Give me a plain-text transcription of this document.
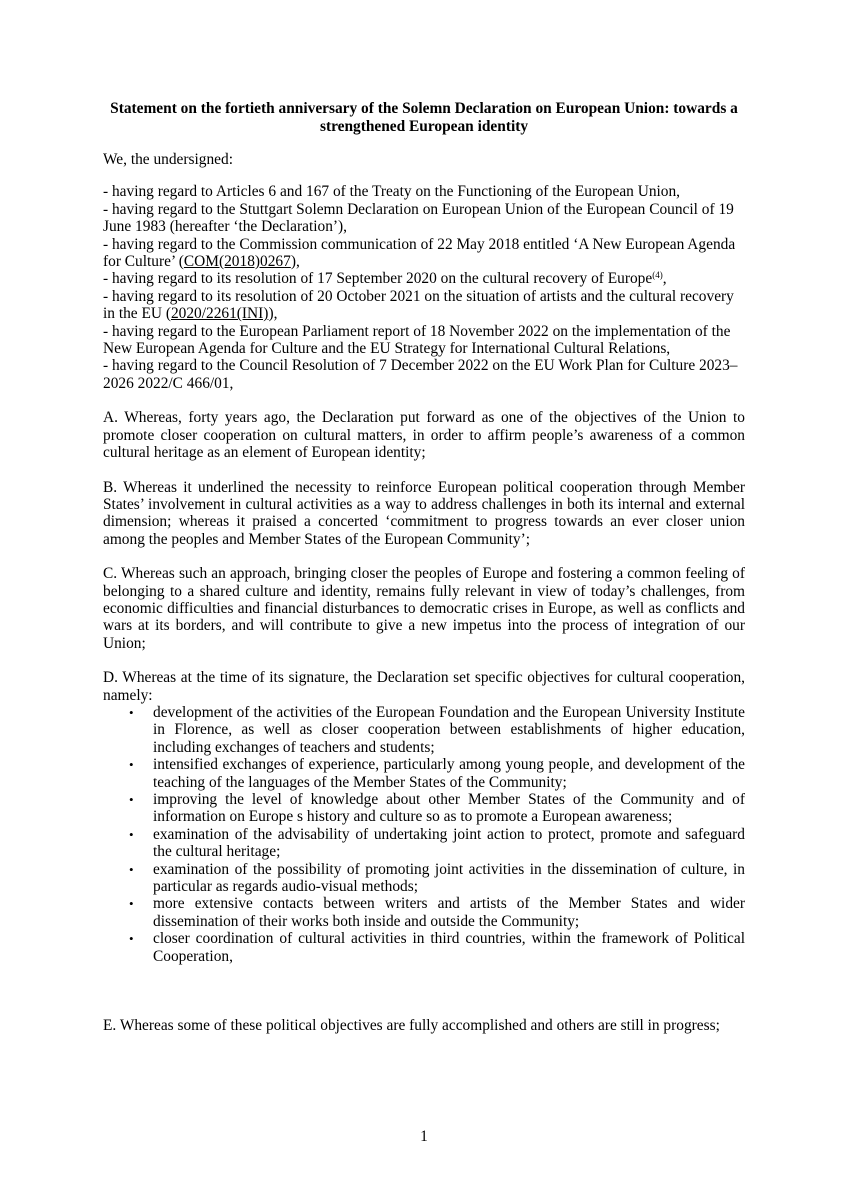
Statement on the fortieth anniversary of the Solemn Declaration on European Union: towards a strengthened European identity
We, the undersigned:

- having regard to Articles 6 and 167 of the Treaty on the Functioning of the European Union,

- having regard to the Stuttgart Solemn Declaration on European Union of the European Council of 19 June 1983 (hereafter ‘the Declaration’),

- having regard to the Commission communication of 22 May 2018 entitled ‘A New European Agenda for Culture’ (COM(2018)0267),

- having regard to its resolution of 17 September 2020 on the cultural recovery of Europe$^{(4)}$,

- having regard to its resolution of 20 October 2021 on the situation of artists and the cultural recovery in the EU (2020/2261(INI)),

- having regard to the European Parliament report of 18 November 2022 on the implementation of the New European Agenda for Culture and the EU Strategy for International Cultural Relations,

- having regard to the Council Resolution of 7 December 2022 on the EU Work Plan for Culture 2023–2026 2022/C 466/01,

A. Whereas, forty years ago, the Declaration put forward as one of the objectives of the Union to promote closer cooperation on cultural matters, in order to affirm people’s awareness of a common cultural heritage as an element of European identity;

B. Whereas it underlined the necessity to reinforce European political cooperation through Member States’ involvement in cultural activities as a way to address challenges in both its internal and external dimension; whereas it praised a concerted ‘commitment to progress towards an ever closer union among the peoples and Member States of the European Community’;

C. Whereas such an approach, bringing closer the peoples of Europe and fostering a common feeling of belonging to a shared culture and identity, remains fully relevant in view of today’s challenges, from economic difficulties and financial disturbances to democratic crises in Europe, as well as conflicts and wars at its borders, and will contribute to give a new impetus into the process of integration of our Union;

D. Whereas at the time of its signature, the Declaration set specific objectives for cultural cooperation, namely:

• development of the activities of the European Foundation and the European University Institute in Florence, as well as closer cooperation between establishments of higher education, including exchanges of teachers and students;
• intensified exchanges of experience, particularly among young people, and development of the teaching of the languages of the Member States of the Community;
• improving the level of knowledge about other Member States of the Community and of information on Europe s history and culture so as to promote a European awareness;
• examination of the advisability of undertaking joint action to protect, promote and safeguard the cultural heritage;
• examination of the possibility of promoting joint activities in the dissemination of culture, in particular as regards audio-visual methods;
• more extensive contacts between writers and artists of the Member States and wider dissemination of their works both inside and outside the Community;
• closer coordination of cultural activities in third countries, within the framework of Political Cooperation,

E. Whereas some of these political objectives are fully accomplished and others are still in progress;

1
